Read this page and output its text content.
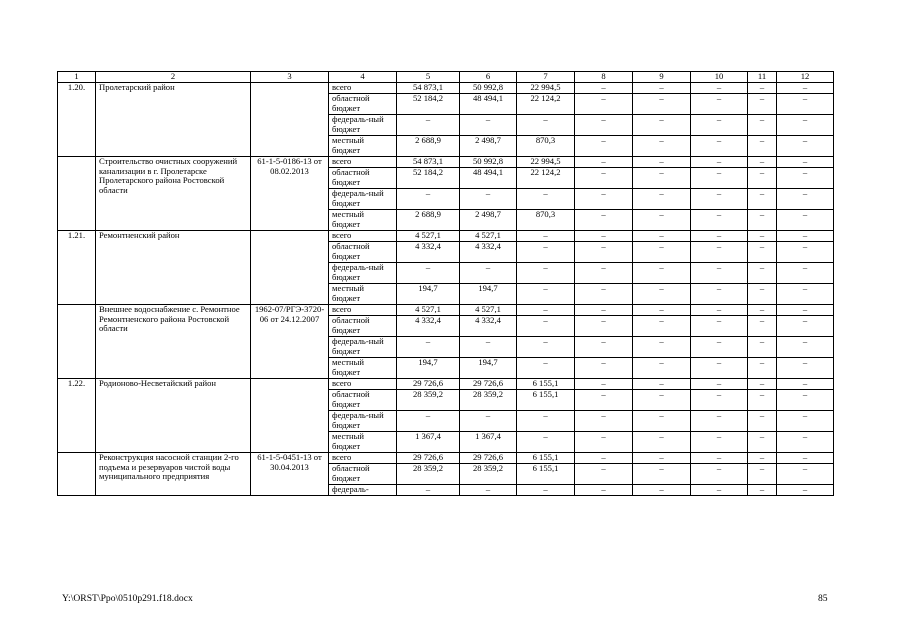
1	2	3	4	5	6	7	8	9	10	11	12
1.20.	Пролетарский район		всего	54 873,1	50 992,8	22 994,5	–	–	–	–	–
			областной бюджет	52 184,2	48 494,1	22 124,2	–	–	–	–	–
			федераль-ный бюджет	–	–	–	–	–	–	–	–
			местный бюджет	2 688,9	2 498,7	870,3	–	–	–	–	–
	Строительство очистных сооружений канализации в г. Пролетарске Пролетарского района Ростовской области	61-1-5-0186-13 от 08.02.2013	всего	54 873,1	50 992,8	22 994,5	–	–	–	–	–
			областной бюджет	52 184,2	48 494,1	22 124,2	–	–	–	–	–
			федераль-ный бюджет	–	–	–	–	–	–	–	–
			местный бюджет	2 688,9	2 498,7	870,3	–	–	–	–	–
1.21.	Ремонтненский район		всего	4 527,1	4 527,1	–	–	–	–	–	–
			областной бюджет	4 332,4	4 332,4	–	–	–	–	–	–
			федераль-ный бюджет	–	–	–	–	–	–	–	–
			местный бюджет	194,7	194,7	–	–	–	–	–	–
	Внешнее водоснабжение с. Ремонтное Ремонтненского района Ростовской области	1962-07/РГЭ-3720-06 от 24.12.2007	всего	4 527,1	4 527,1	–	–	–	–	–	–
			областной бюджет	4 332,4	4 332,4	–	–	–	–	–	–
			федераль-ный бюджет	–	–	–	–	–	–	–	–
			местный бюджет	194,7	194,7	–	–	–	–	–	–
1.22.	Родионово-Несветайский район		всего	29 726,6	29 726,6	6 155,1	–	–	–	–	–
			областной бюджет	28 359,2	28 359,2	6 155,1	–	–	–	–	–
			федераль-ный бюджет	–	–	–	–	–	–	–	–
			местный бюджет	1 367,4	1 367,4	–	–	–	–	–	–
	Реконструкция насосной станции 2-го подъема и резервуаров чистой воды муниципального предприятия	61-1-5-0451-13 от 30.04.2013	всего	29 726,6	29 726,6	6 155,1	–	–	–	–	–
			областной бюджет	28 359,2	28 359,2	6 155,1	–	–	–	–	–
			федераль-	–	–	–	–	–	–	–	–
Y:\ORST\Ppo\0510p291.f18.docx	85
